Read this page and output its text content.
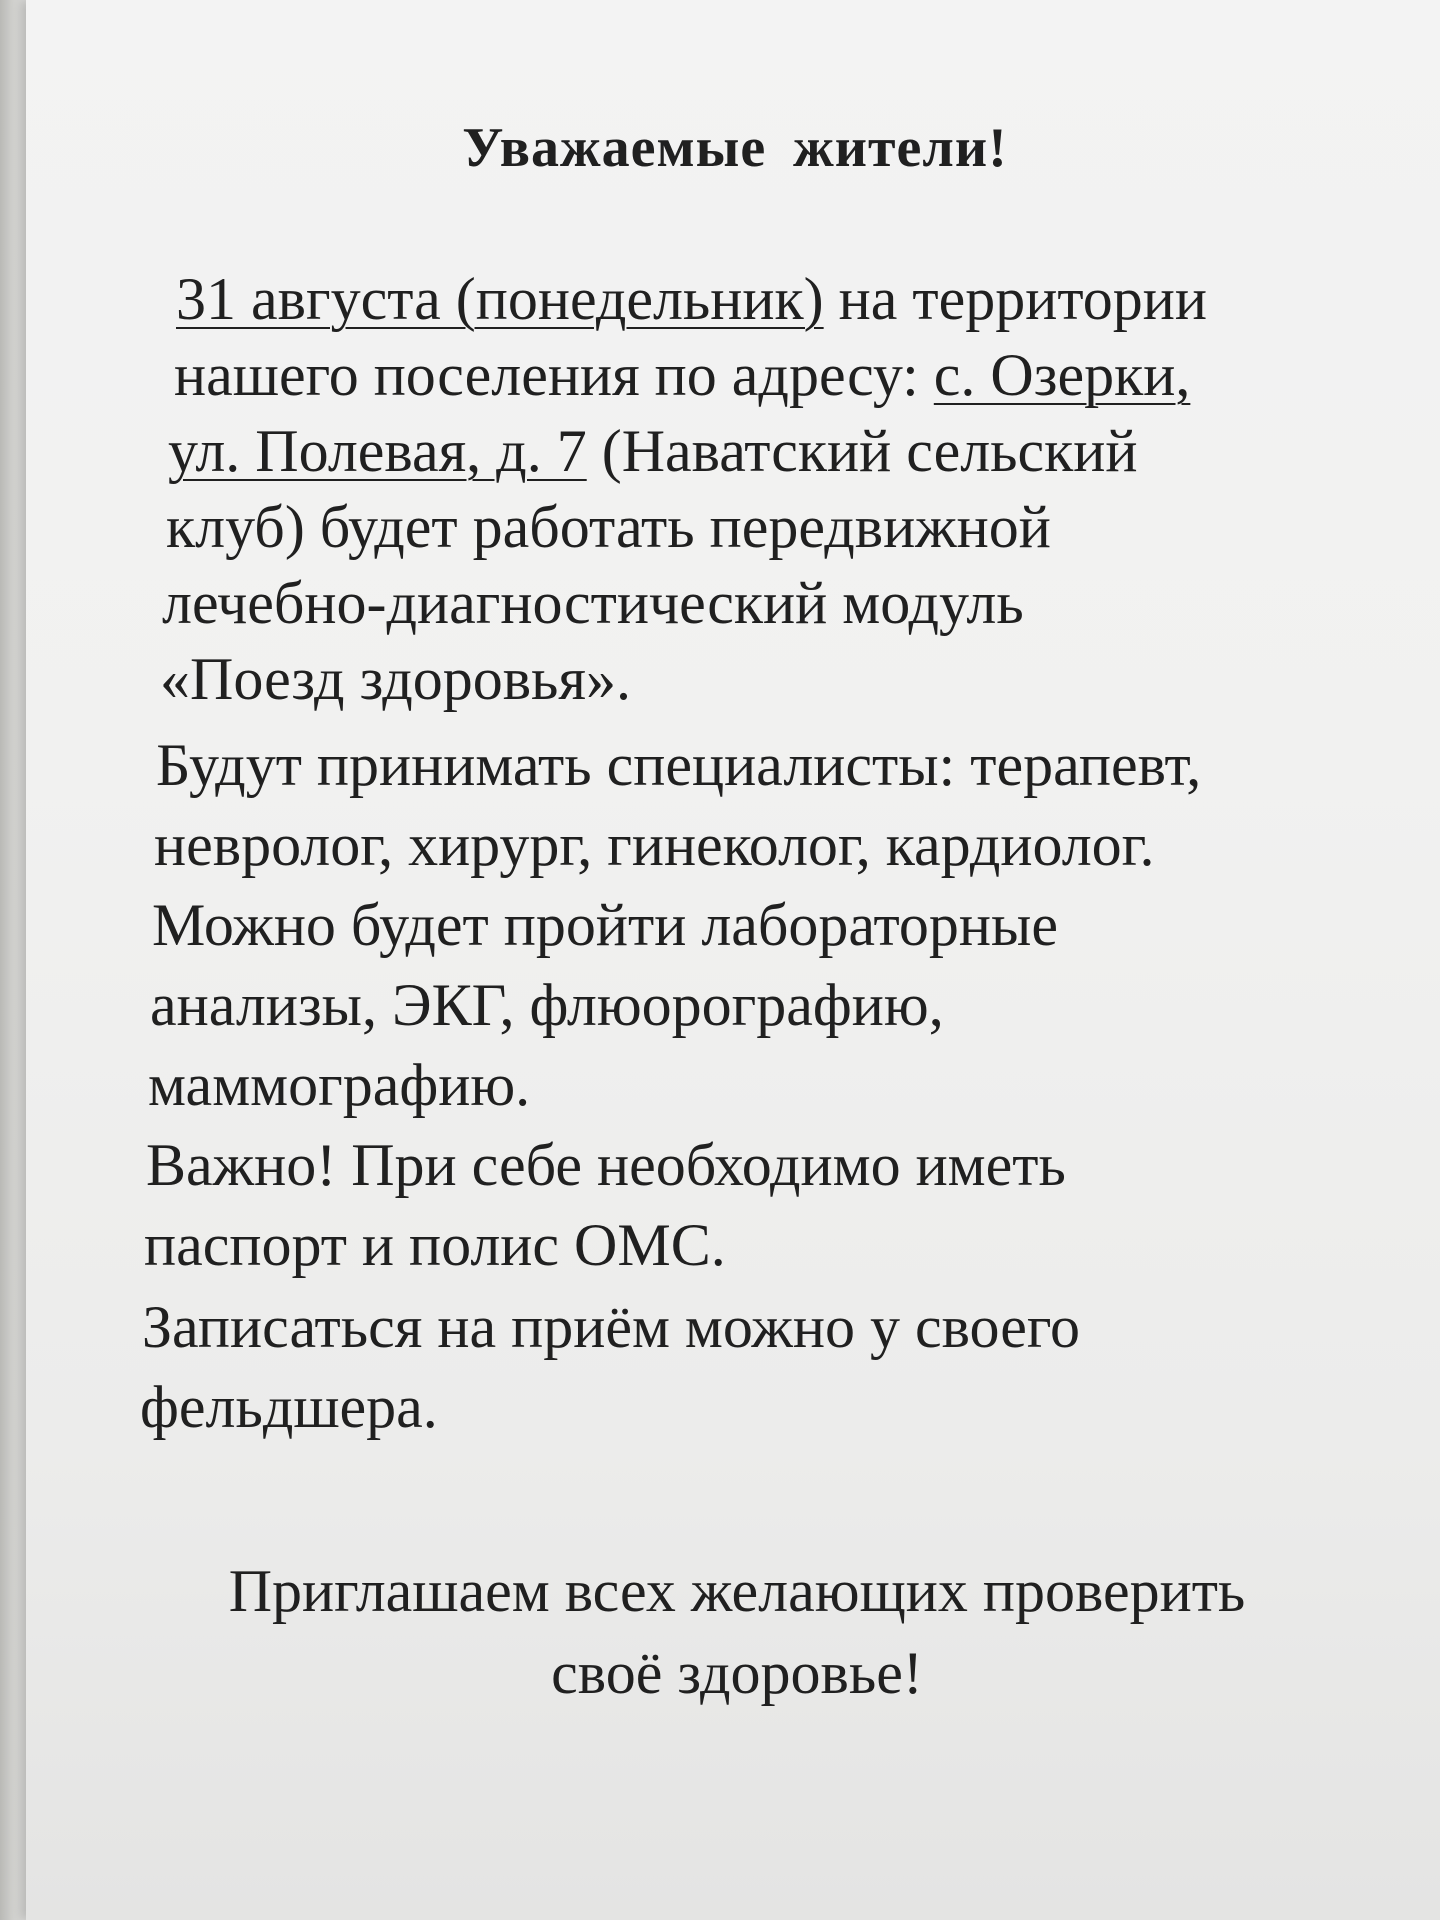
Уважаемые жители!

31 августа (понедельник) на территории

нашего поселения по адресу: с. Озерки,

ул. Полевая, д. 7 (Наватский сельский

клуб) будет работать передвижной

лечебно-диагностический модуль

«Поезд здоровья».

Будут принимать специалисты: терапевт,

невролог, хирург, гинеколог, кардиолог.

Можно будет пройти лабораторные

анализы, ЭКГ, флюорографию,

маммографию.

Важно! При себе необходимо иметь

паспорт и полис ОМС.

Записаться на приём можно у своего

фельдшера.

Приглашаем всех желающих проверить

своё здоровье!
